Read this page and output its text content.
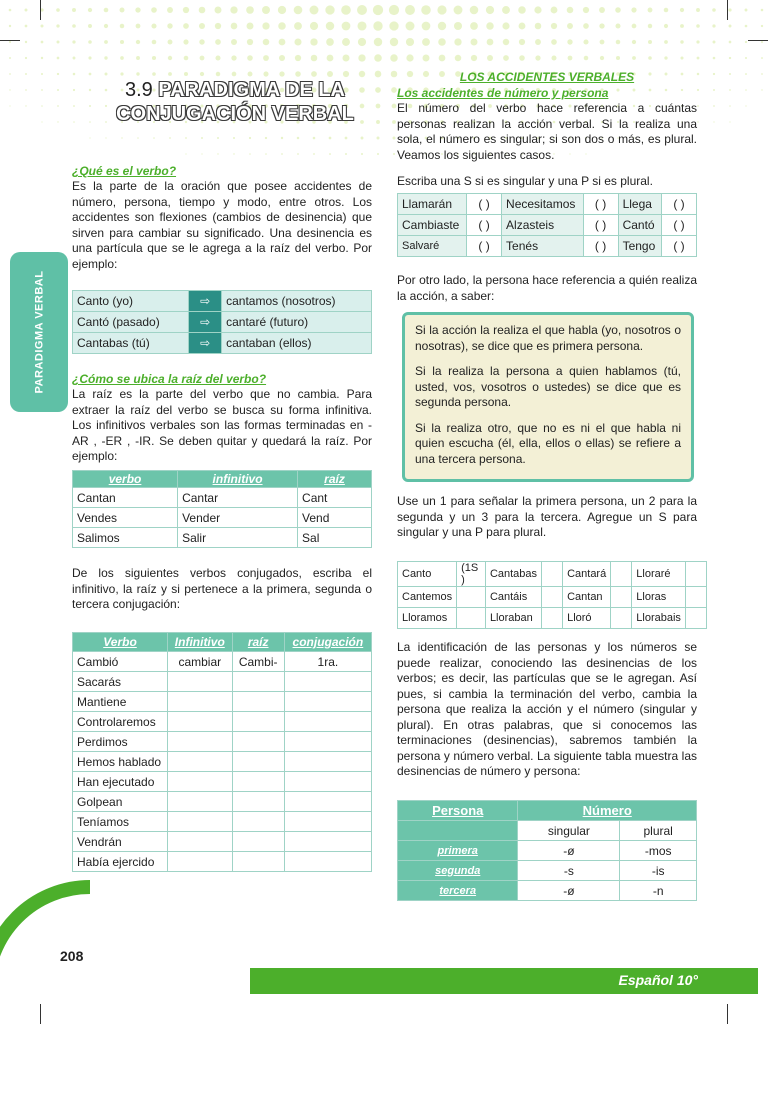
PARADIGMA VERBAL
3.9 PARADIGMA DE LA
CONJUGACIÓN VERBAL
¿Qué es el verbo?
Es la parte de la oración que posee accidentes de número, persona, tiempo y modo, entre otros. Los accidentes son flexiones (cambios de desinencia) que sirven para cambiar su significado. Una desinencia es una partícula que se le agrega a la raíz del verbo. Por ejemplo:
Canto (yo)	⇨	cantamos (nosotros)
Cantó (pasado)	⇨	cantaré (futuro)
Cantabas (tú)	⇨	cantaban (ellos)
¿Cómo se ubica la raíz del verbo?
La raíz es la parte del verbo que no cambia. Para extraer la raíz del verbo se busca su forma infinitiva. Los infinitivos verbales son las formas terminadas en -AR , -ER , -IR. Se deben quitar y quedará la raíz. Por ejemplo:
verbo	infinitivo	raíz
Cantan	Cantar	Cant
Vendes	Vender	Vend
Salimos	Salir	Sal
De los siguientes verbos conjugados, escriba el infinitivo, la raíz y si pertenece a la primera, segunda o tercera conjugación:
Verbo	Infinitivo	raíz	conjugación
Cambió	cambiar	Cambi-	1ra.
Sacarás			
Mantiene			
Controlaremos			
Perdimos			
Hemos hablado			
Han ejecutado			
Golpean			
Teníamos			
Vendrán			
Había ejercido			
LOS ACCIDENTES VERBALES
Los accidentes de número y persona
El número del verbo hace referencia a cuántas personas realizan la acción verbal. Si la realiza una sola, el número es singular; si son dos o más, es plural. Veamos los siguientes casos.
Escriba una S si es singular y una P si es plural.
Llamarán	( )	Necesitamos	( )	Llega	( )
Cambiaste	( )	Alzasteis	( )	Cantó	( )
Salvaré	( )	Tenés	( )	Tengo	( )
Por otro lado, la persona hace referencia a quién realiza la acción, a saber:

Si la acción la realiza el que habla (yo, nosotros o nosotras), se dice que es primera persona.

Si la realiza la persona a quien hablamos (tú, usted, vos, vosotros o ustedes) se dice que es segunda persona.

Si la realiza otro, que no es ni el que habla ni quien escucha (él, ella, ellos o ellas) se refiere a una tercera persona.

Use un 1 para señalar la primera persona, un 2 para la segunda y un 3 para la tercera. Agregue un S para singular y una P para plural.
Canto	(1S )	Cantabas		Cantará		Lloraré	
Cantemos		Cantáis		Cantan		Lloras	
Lloramos		Lloraban		Lloró		Llorabais	
La identificación de las personas y los números se puede realizar, conociendo las desinencias de los verbos; es decir, las partículas que se le agregan. Así pues, si cambia la terminación del verbo, cambia la persona que realiza la acción y el número (singular y plural). En otras palabras, que si conocemos las terminaciones (desinencias), sabremos también la persona y número verbal. La siguiente tabla muestra las desinencias de número y persona:
Persona	Número	
	singular	plural
primera	-ø	-mos
segunda	-s	-is
tercera	-ø	-n
208
Español 10°
